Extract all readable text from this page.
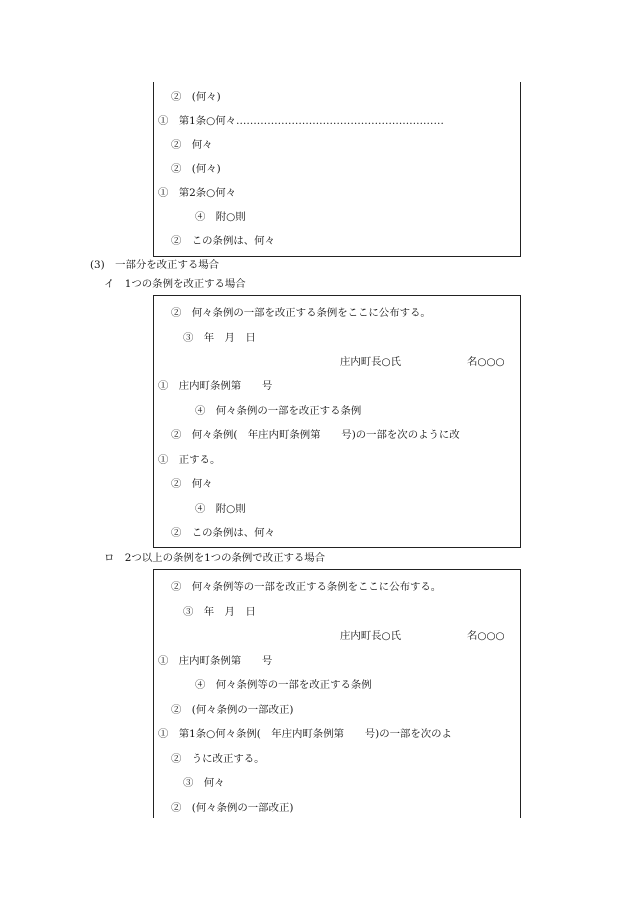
②　(何々)
①　第1条○何々……………………………………………………
②　何々
②　(何々)
①　第2条○何々
④　附○則
②　この条例は、何々
(3)　一部分を改正する場合
イ　1つの条例を改正する場合
②　何々条例の一部を改正する条例をここに公布する。
③　年　月　日
庄内町長○氏	名○○○
①　庄内町条例第　　号
④　何々条例の一部を改正する条例
②　何々条例(　年庄内町条例第　　号)の一部を次のように改
①　正する。
②　何々
④　附○則
②　この条例は、何々
ロ　2つ以上の条例を1つの条例で改正する場合
②　何々条例等の一部を改正する条例をここに公布する。
③　年　月　日
庄内町長○氏	名○○○
①　庄内町条例第　　号
④　何々条例等の一部を改正する条例
②　(何々条例の一部改正)
①　第1条○何々条例(　年庄内町条例第　　号)の一部を次のよ
②　うに改正する。
③　何々
②　(何々条例の一部改正)
